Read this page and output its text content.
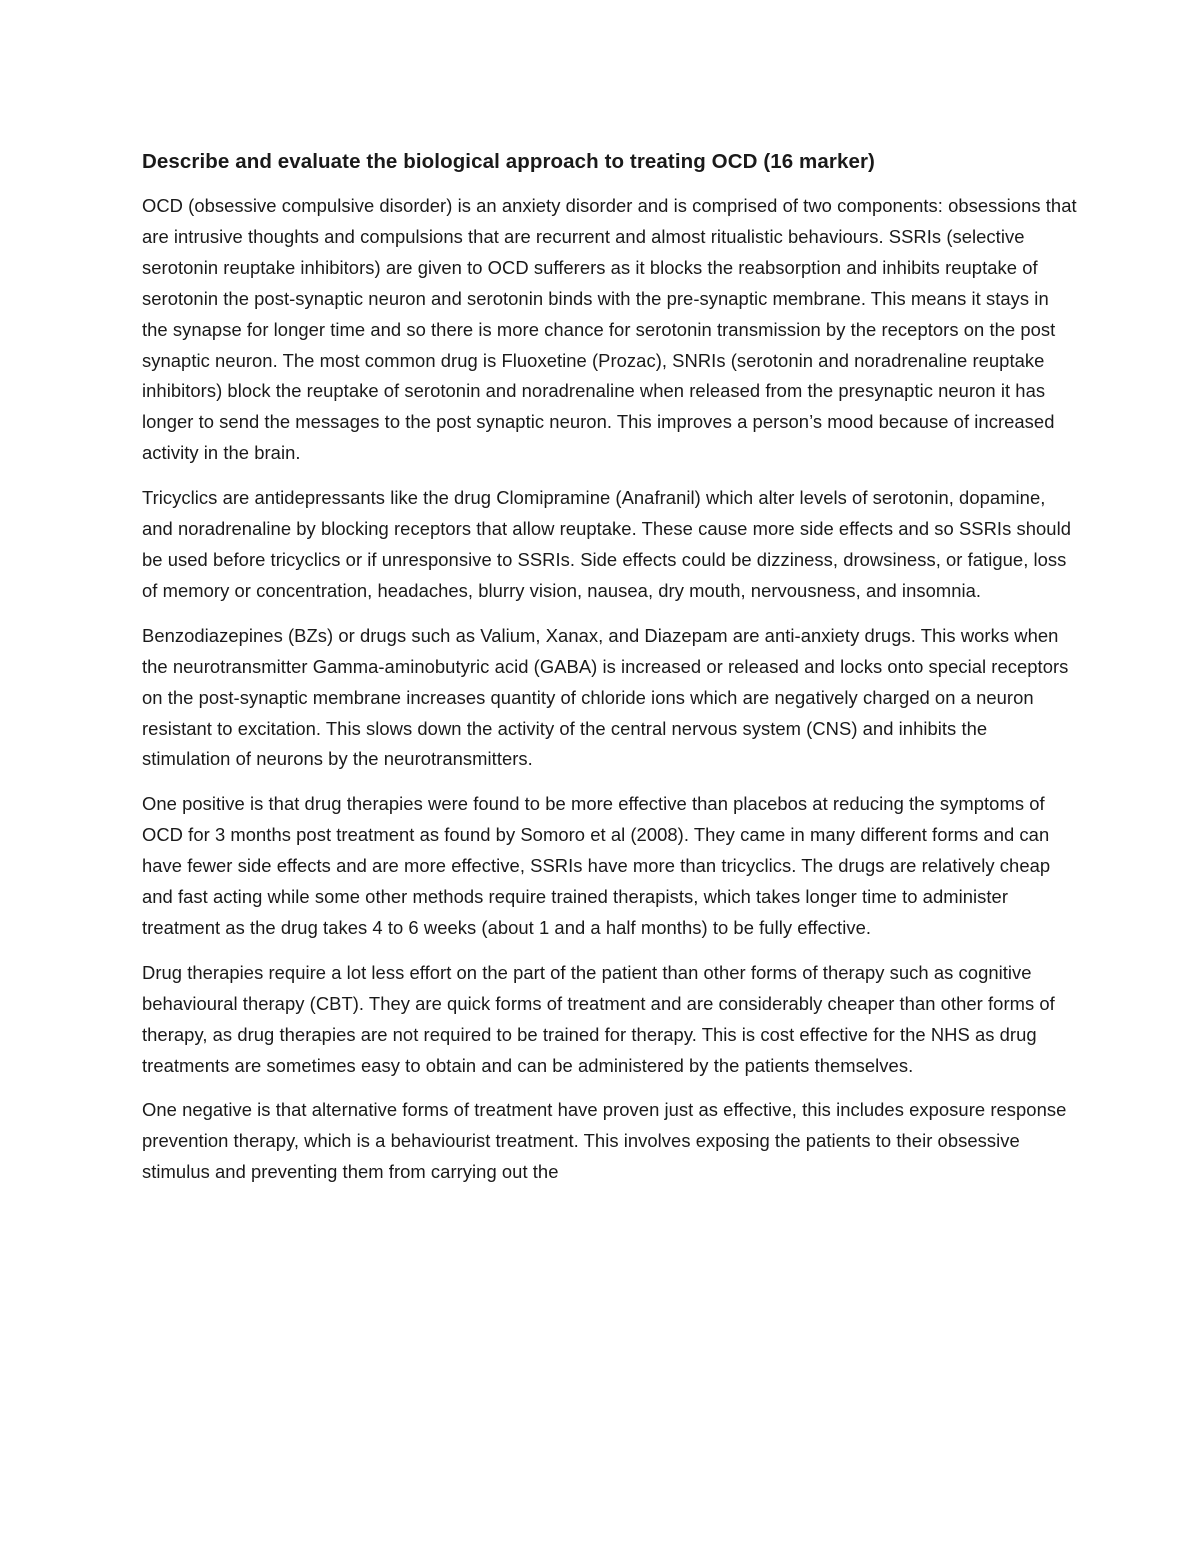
Describe and evaluate the biological approach to treating OCD (16 marker)

OCD (obsessive compulsive disorder) is an anxiety disorder and is comprised of two components: obsessions that are intrusive thoughts and compulsions that are recurrent and almost ritualistic behaviours. SSRIs (selective serotonin reuptake inhibitors) are given to OCD sufferers as it blocks the reabsorption and inhibits reuptake of serotonin the post-synaptic neuron and serotonin binds with the pre-synaptic membrane. This means it stays in the synapse for longer time and so there is more chance for serotonin transmission by the receptors on the post synaptic neuron. The most common drug is Fluoxetine (Prozac), SNRIs (serotonin and noradrenaline reuptake inhibitors) block the reuptake of serotonin and noradrenaline when released from the presynaptic neuron it has longer to send the messages to the post synaptic neuron. This improves a person’s mood because of increased activity in the brain.

Tricyclics are antidepressants like the drug Clomipramine (Anafranil) which alter levels of serotonin, dopamine, and noradrenaline by blocking receptors that allow reuptake. These cause more side effects and so SSRIs should be used before tricyclics or if unresponsive to SSRIs. Side effects could be dizziness, drowsiness, or fatigue, loss of memory or concentration, headaches, blurry vision, nausea, dry mouth, nervousness, and insomnia.

Benzodiazepines (BZs) or drugs such as Valium, Xanax, and Diazepam are anti-anxiety drugs. This works when the neurotransmitter Gamma-aminobutyric acid (GABA) is increased or released and locks onto special receptors on the post-synaptic membrane increases quantity of chloride ions which are negatively charged on a neuron resistant to excitation. This slows down the activity of the central nervous system (CNS) and inhibits the stimulation of neurons by the neurotransmitters.

One positive is that drug therapies were found to be more effective than placebos at reducing the symptoms of OCD for 3 months post treatment as found by Somoro et al (2008). They came in many different forms and can have fewer side effects and are more effective, SSRIs have more than tricyclics. The drugs are relatively cheap and fast acting while some other methods require trained therapists, which takes longer time to administer treatment as the drug takes 4 to 6 weeks (about 1 and a half months) to be fully effective.

Drug therapies require a lot less effort on the part of the patient than other forms of therapy such as cognitive behavioural therapy (CBT). They are quick forms of treatment and are considerably cheaper than other forms of therapy, as drug therapies are not required to be trained for therapy. This is cost effective for the NHS as drug treatments are sometimes easy to obtain and can be administered by the patients themselves.

One negative is that alternative forms of treatment have proven just as effective, this includes exposure response prevention therapy, which is a behaviourist treatment. This involves exposing the patients to their obsessive stimulus and preventing them from carrying out the
